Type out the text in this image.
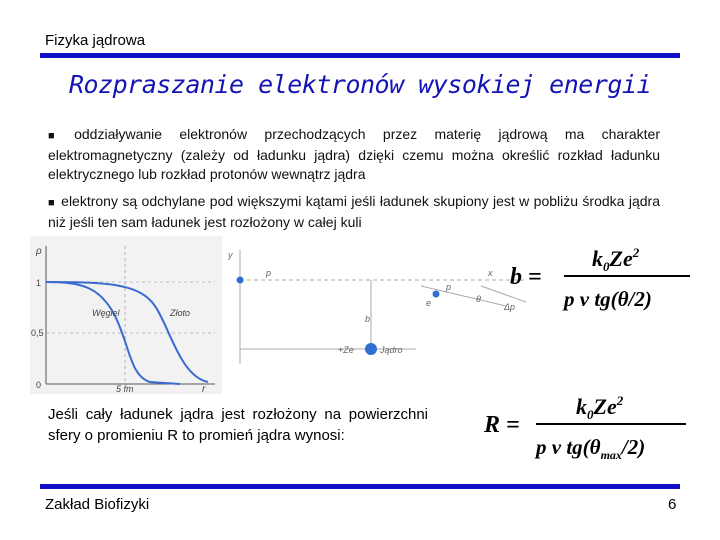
Fizyka jądrowa
Rozpraszanie elektronów wysokiej energii
■ oddziaływanie elektronów przechodzących przez materię jądrową ma charakter elektromagnetyczny (zależy od ładunku jądra) dzięki czemu można określić rozkład ładunku elektrycznego lub rozkład protonów wewnątrz jądra
■ elektrony są odchylane pod większymi kątami jeśli ładunek skupiony jest w pobliżu środka jądra niż jeśli ten sam ładunek jest rozłożony w całej kuli
ρ
1
0,5
0	5 fm	r
Węgiel	Złoto
y
p	x
p
θ
Δp
e
b
+Ze	Jądro
b =
$k_0Ze^2$
p v tg(θ/2)
R =
$k_0Ze^2$
p v $tg(\theta_{max}/2)$
Jeśli cały ładunek jądra jest rozłożony na powierzchni sfery o promieniu R to promień jądra wynosi:
Zakład Biofizyki	6
